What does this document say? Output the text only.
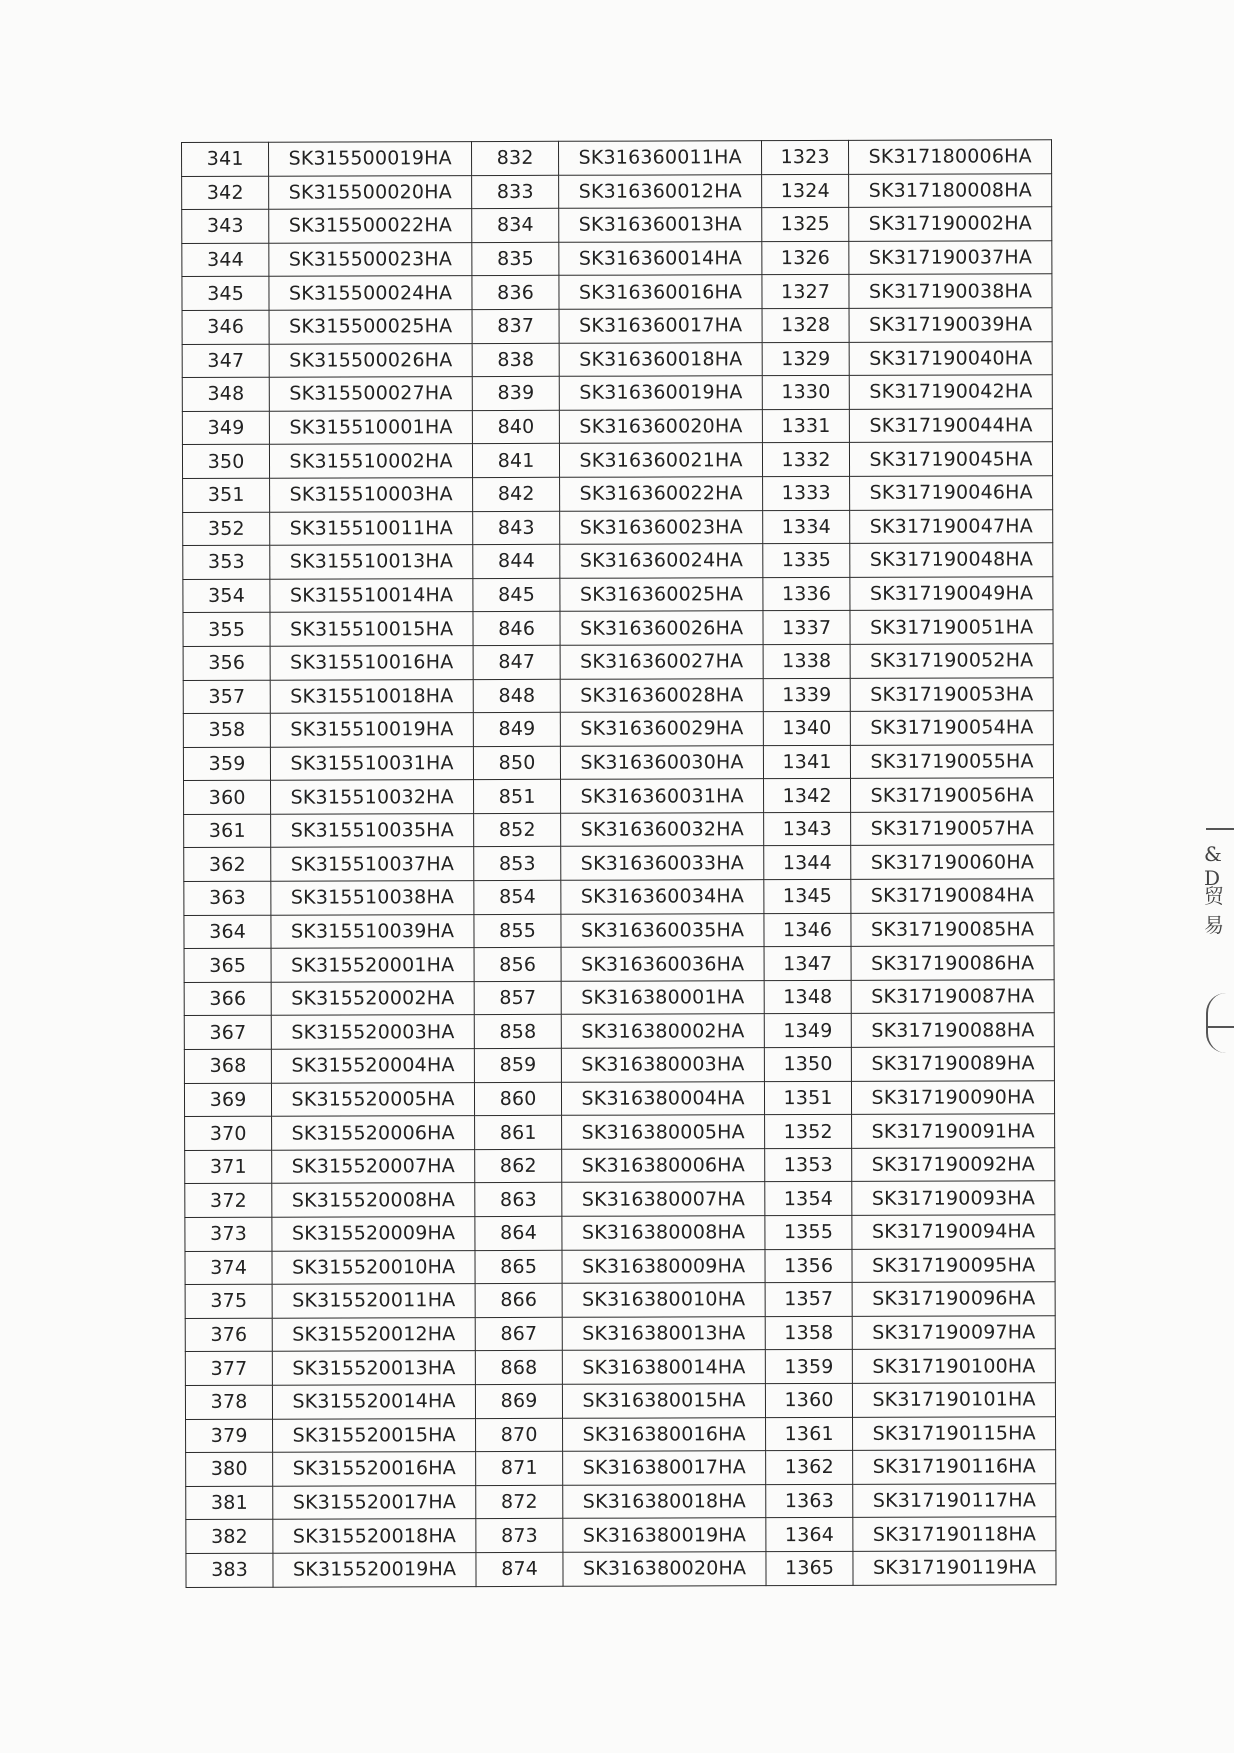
341	SK315500019HA	832	SK316360011HA	1323	SK317180006HA
342	SK315500020HA	833	SK316360012HA	1324	SK317180008HA
343	SK315500022HA	834	SK316360013HA	1325	SK317190002HA
344	SK315500023HA	835	SK316360014HA	1326	SK317190037HA
345	SK315500024HA	836	SK316360016HA	1327	SK317190038HA
346	SK315500025HA	837	SK316360017HA	1328	SK317190039HA
347	SK315500026HA	838	SK316360018HA	1329	SK317190040HA
348	SK315500027HA	839	SK316360019HA	1330	SK317190042HA
349	SK315510001HA	840	SK316360020HA	1331	SK317190044HA
350	SK315510002HA	841	SK316360021HA	1332	SK317190045HA
351	SK315510003HA	842	SK316360022HA	1333	SK317190046HA
352	SK315510011HA	843	SK316360023HA	1334	SK317190047HA
353	SK315510013HA	844	SK316360024HA	1335	SK317190048HA
354	SK315510014HA	845	SK316360025HA	1336	SK317190049HA
355	SK315510015HA	846	SK316360026HA	1337	SK317190051HA
356	SK315510016HA	847	SK316360027HA	1338	SK317190052HA
357	SK315510018HA	848	SK316360028HA	1339	SK317190053HA
358	SK315510019HA	849	SK316360029HA	1340	SK317190054HA
359	SK315510031HA	850	SK316360030HA	1341	SK317190055HA
360	SK315510032HA	851	SK316360031HA	1342	SK317190056HA
361	SK315510035HA	852	SK316360032HA	1343	SK317190057HA
362	SK315510037HA	853	SK316360033HA	1344	SK317190060HA
363	SK315510038HA	854	SK316360034HA	1345	SK317190084HA
364	SK315510039HA	855	SK316360035HA	1346	SK317190085HA
365	SK315520001HA	856	SK316360036HA	1347	SK317190086HA
366	SK315520002HA	857	SK316380001HA	1348	SK317190087HA
367	SK315520003HA	858	SK316380002HA	1349	SK317190088HA
368	SK315520004HA	859	SK316380003HA	1350	SK317190089HA
369	SK315520005HA	860	SK316380004HA	1351	SK317190090HA
370	SK315520006HA	861	SK316380005HA	1352	SK317190091HA
371	SK315520007HA	862	SK316380006HA	1353	SK317190092HA
372	SK315520008HA	863	SK316380007HA	1354	SK317190093HA
373	SK315520009HA	864	SK316380008HA	1355	SK317190094HA
374	SK315520010HA	865	SK316380009HA	1356	SK317190095HA
375	SK315520011HA	866	SK316380010HA	1357	SK317190096HA
376	SK315520012HA	867	SK316380013HA	1358	SK317190097HA
377	SK315520013HA	868	SK316380014HA	1359	SK317190100HA
378	SK315520014HA	869	SK316380015HA	1360	SK317190101HA
379	SK315520015HA	870	SK316380016HA	1361	SK317190115HA
380	SK315520016HA	871	SK316380017HA	1362	SK317190116HA
381	SK315520017HA	872	SK316380018HA	1363	SK317190117HA
382	SK315520018HA	873	SK316380019HA	1364	SK317190118HA
383	SK315520019HA	874	SK316380020HA	1365	SK317190119HA
& D
贸易
